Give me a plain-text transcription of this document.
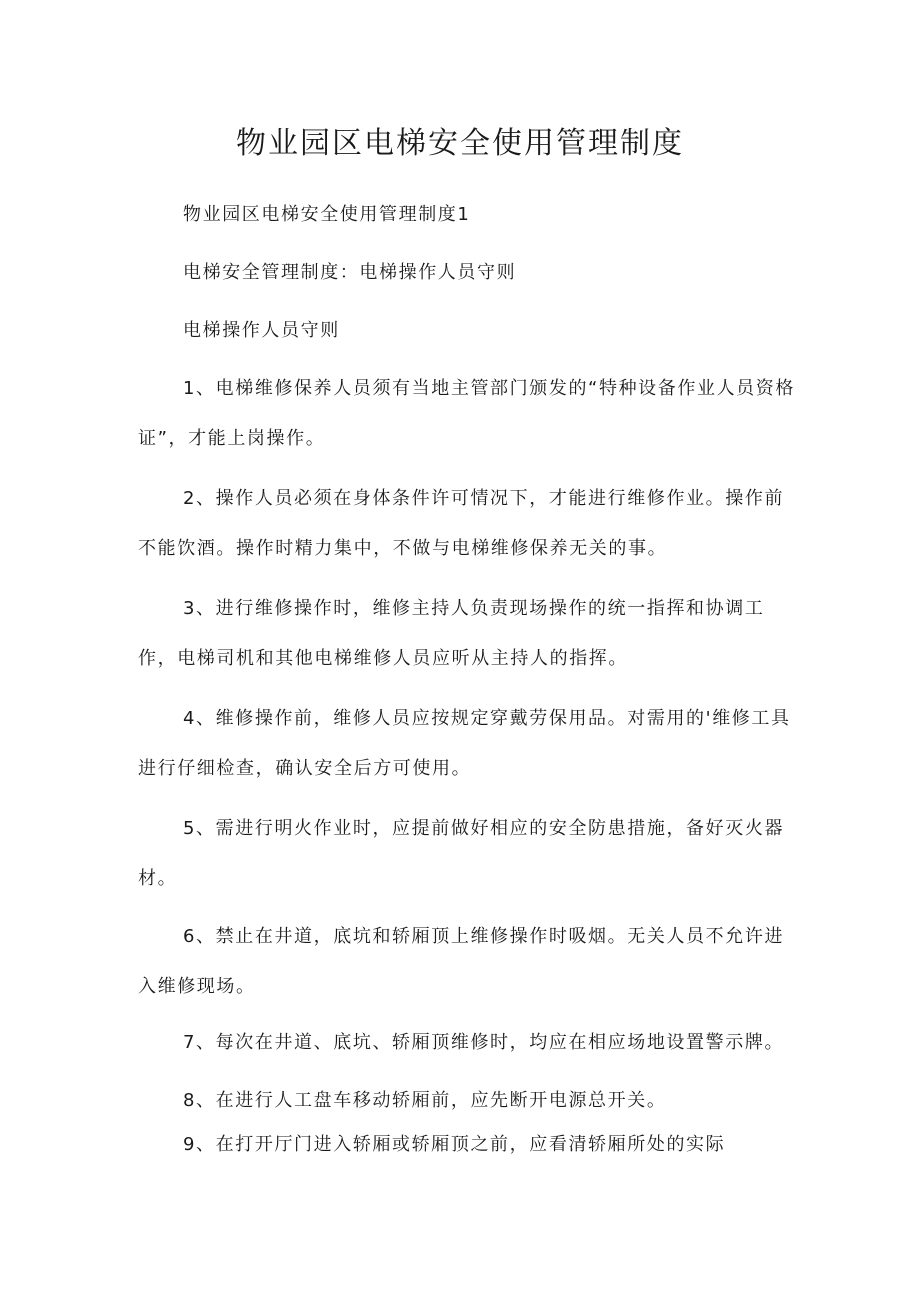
物业园区电梯安全使用管理制度

物业园区电梯安全使用管理制度1

电梯安全管理制度：电梯操作人员守则

电梯操作人员守则

1、电梯维修保养人员须有当地主管部门颁发的“特种设备作业人员资格证”，才能上岗操作。

2、操作人员必须在身体条件许可情况下，才能进行维修作业。操作前不能饮酒。操作时精力集中，不做与电梯维修保养无关的事。

3、进行维修操作时，维修主持人负责现场操作的统一指挥和协调工作，电梯司机和其他电梯维修人员应听从主持人的指挥。

4、维修操作前，维修人员应按规定穿戴劳保用品。对需用的'维修工具进行仔细检查，确认安全后方可使用。

5、需进行明火作业时，应提前做好相应的安全防患措施，备好灭火器材。

6、禁止在井道，底坑和轿厢顶上维修操作时吸烟。无关人员不允许进入维修现场。

7、每次在井道、底坑、轿厢顶维修时，均应在相应场地设置警示牌。

8、在进行人工盘车移动轿厢前，应先断开电源总开关。

9、在打开厅门进入轿厢或轿厢顶之前，应看清轿厢所处的实际
